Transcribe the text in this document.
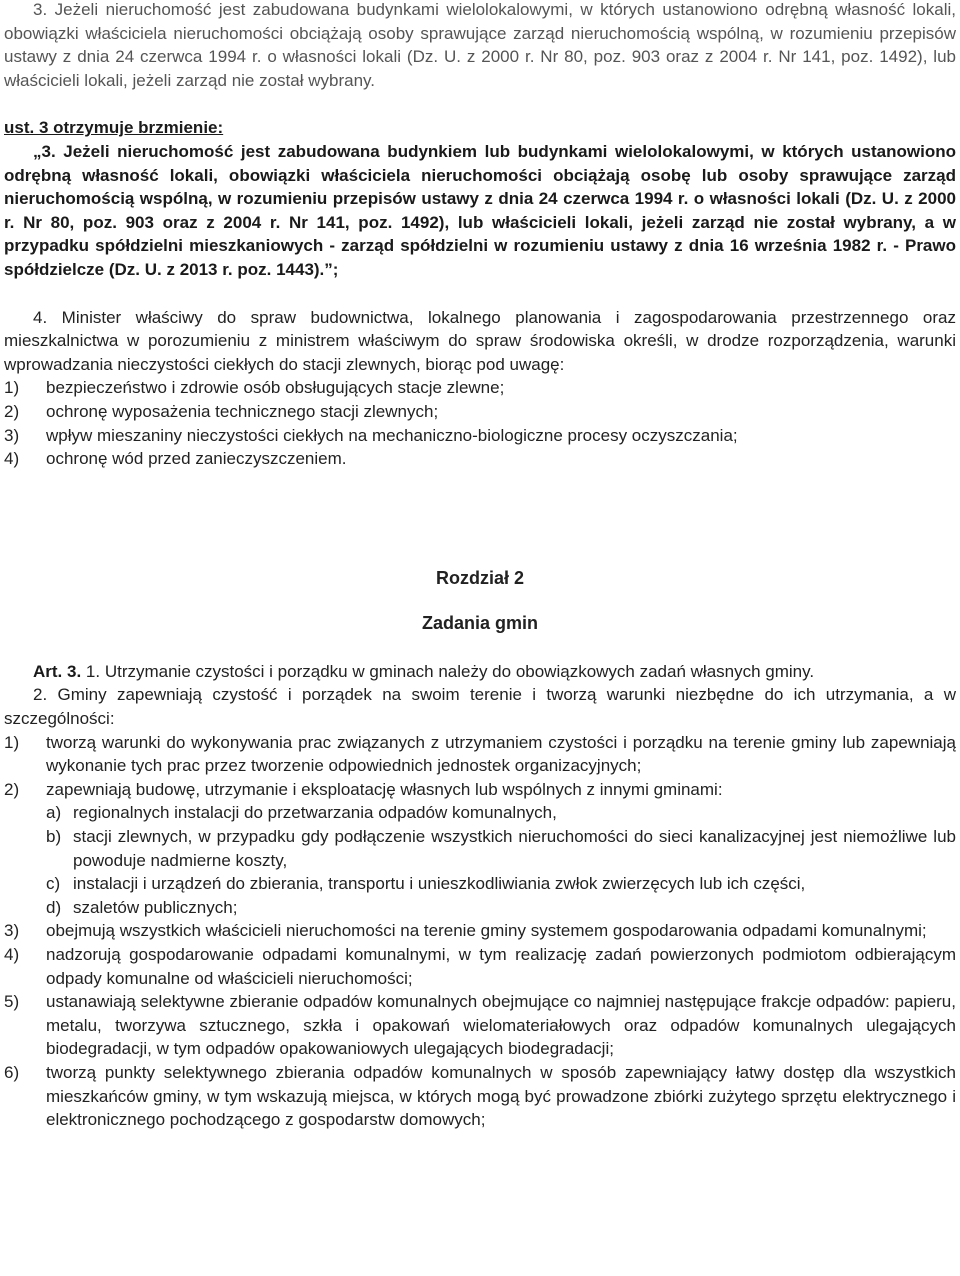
3. Jeżeli nieruchomość jest zabudowana budynkami wielolokalowymi, w których ustanowiono odrębną własność lokali, obowiązki właściciela nieruchomości obciążają osoby sprawujące zarząd nieruchomością wspólną, w rozumieniu przepisów ustawy z dnia 24 czerwca 1994 r. o własności lokali (Dz. U. z 2000 r. Nr 80, poz. 903 oraz z 2004 r. Nr 141, poz. 1492), lub właścicieli lokali, jeżeli zarząd nie został wybrany.

ust. 3 otrzymuje brzmienie:

„3. Jeżeli nieruchomość jest zabudowana budynkiem lub budynkami wielolokalowymi, w których ustanowiono odrębną własność lokali, obowiązki właściciela nieruchomości obciążają osobę lub osoby sprawujące zarząd nieruchomością wspólną, w rozumieniu przepisów ustawy z dnia 24 czerwca 1994 r. o własności lokali (Dz. U. z 2000 r. Nr 80, poz. 903 oraz z 2004 r. Nr 141, poz. 1492), lub właścicieli lokali, jeżeli zarząd nie został wybrany, a w przypadku spółdzielni mieszkaniowych - zarząd spółdzielni w rozumieniu ustawy z dnia 16 września 1982 r. - Prawo spółdzielcze (Dz. U. z 2013 r. poz. 1443).”;

4. Minister właściwy do spraw budownictwa, lokalnego planowania i zagospodarowania przestrzennego oraz mieszkalnictwa w porozumieniu z ministrem właściwym do spraw środowiska określi, w drodze rozporządzenia, warunki wprowadzania nieczystości ciekłych do stacji zlewnych, biorąc pod uwagę:

1)	bezpieczeństwo i zdrowie osób obsługujących stacje zlewne;
2)	ochronę wyposażenia technicznego stacji zlewnych;
3)	wpływ mieszaniny nieczystości ciekłych na mechaniczno-biologiczne procesy oczyszczania;
4)	ochronę wód przed zanieczyszczeniem.

Rozdział 2

Zadania gmin

Art. 3. 1. Utrzymanie czystości i porządku w gminach należy do obowiązkowych zadań własnych gminy.

2. Gminy zapewniają czystość i porządek na swoim terenie i tworzą warunki niezbędne do ich utrzymania, a w szczególności:

1)	tworzą warunki do wykonywania prac związanych z utrzymaniem czystości i porządku na terenie gminy lub zapewniają wykonanie tych prac przez tworzenie odpowiednich jednostek organizacyjnych;
2)	zapewniają budowę, utrzymanie i eksploatację własnych lub wspólnych z innymi gminami:
a) regionalnych instalacji do przetwarzania odpadów komunalnych,
b) stacji zlewnych, w przypadku gdy podłączenie wszystkich nieruchomości do sieci kanalizacyjnej jest niemożliwe lub powoduje nadmierne koszty,
c) instalacji i urządzeń do zbierania, transportu i unieszkodliwiania zwłok zwierzęcych lub ich części,
d) szaletów publicznych;
3)	obejmują wszystkich właścicieli nieruchomości na terenie gminy systemem gospodarowania odpadami komunalnymi;
4)	nadzorują gospodarowanie odpadami komunalnymi, w tym realizację zadań powierzonych podmiotom odbierającym odpady komunalne od właścicieli nieruchomości;
5)	ustanawiają selektywne zbieranie odpadów komunalnych obejmujące co najmniej następujące frakcje odpadów: papieru, metalu, tworzywa sztucznego, szkła i opakowań wielomateriałowych oraz odpadów komunalnych ulegających biodegradacji, w tym odpadów opakowaniowych ulegających biodegradacji;
6)	tworzą punkty selektywnego zbierania odpadów komunalnych w sposób zapewniający łatwy dostęp dla wszystkich mieszkańców gminy, w tym wskazują miejsca, w których mogą być prowadzone zbiórki zużytego sprzętu elektrycznego i elektronicznego pochodzącego z gospodarstw domowych;
